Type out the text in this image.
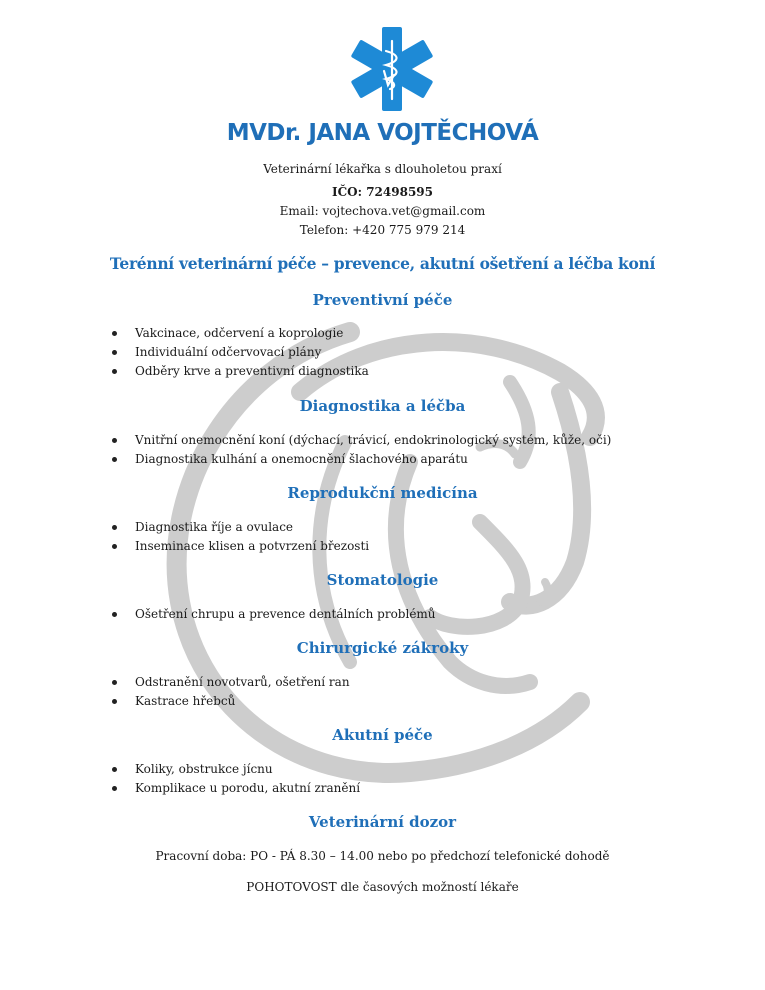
MVDr. JANA VOJTĚCHOVÁ
Veterinární lékařka s dlouholetou praxí
IČO: 72498595
Email: vojtechova.vet@gmail.com
Telefon: +420 775 979 214
Terénní veterinární péče – prevence, akutní ošetření a léčba koní
Preventivní péče
Vakcinace, odčervení a koprologie
Individuální odčervovací plány
Odběry krve a preventivní diagnostika
Diagnostika a léčba
Vnitřní onemocnění koní (dýchací, trávicí, endokrinologický systém, kůže, oči)
Diagnostika kulhání a onemocnění šlachového aparátu
Reprodukční medicína
Diagnostika říje a ovulace
Inseminace klisen a potvrzení březosti
Stomatologie
Ošetření chrupu a prevence dentálních problémů
Chirurgické zákroky
Odstranění novotvarů, ošetření ran
Kastrace hřebců
Akutní péče
Koliky, obstrukce jícnu
Komplikace u porodu, akutní zranění
Veterinární dozor
Pracovní doba: PO - PÁ 8.30 – 14.00 nebo po předchozí telefonické dohodě
POHOTOVOST dle časových možností lékaře
